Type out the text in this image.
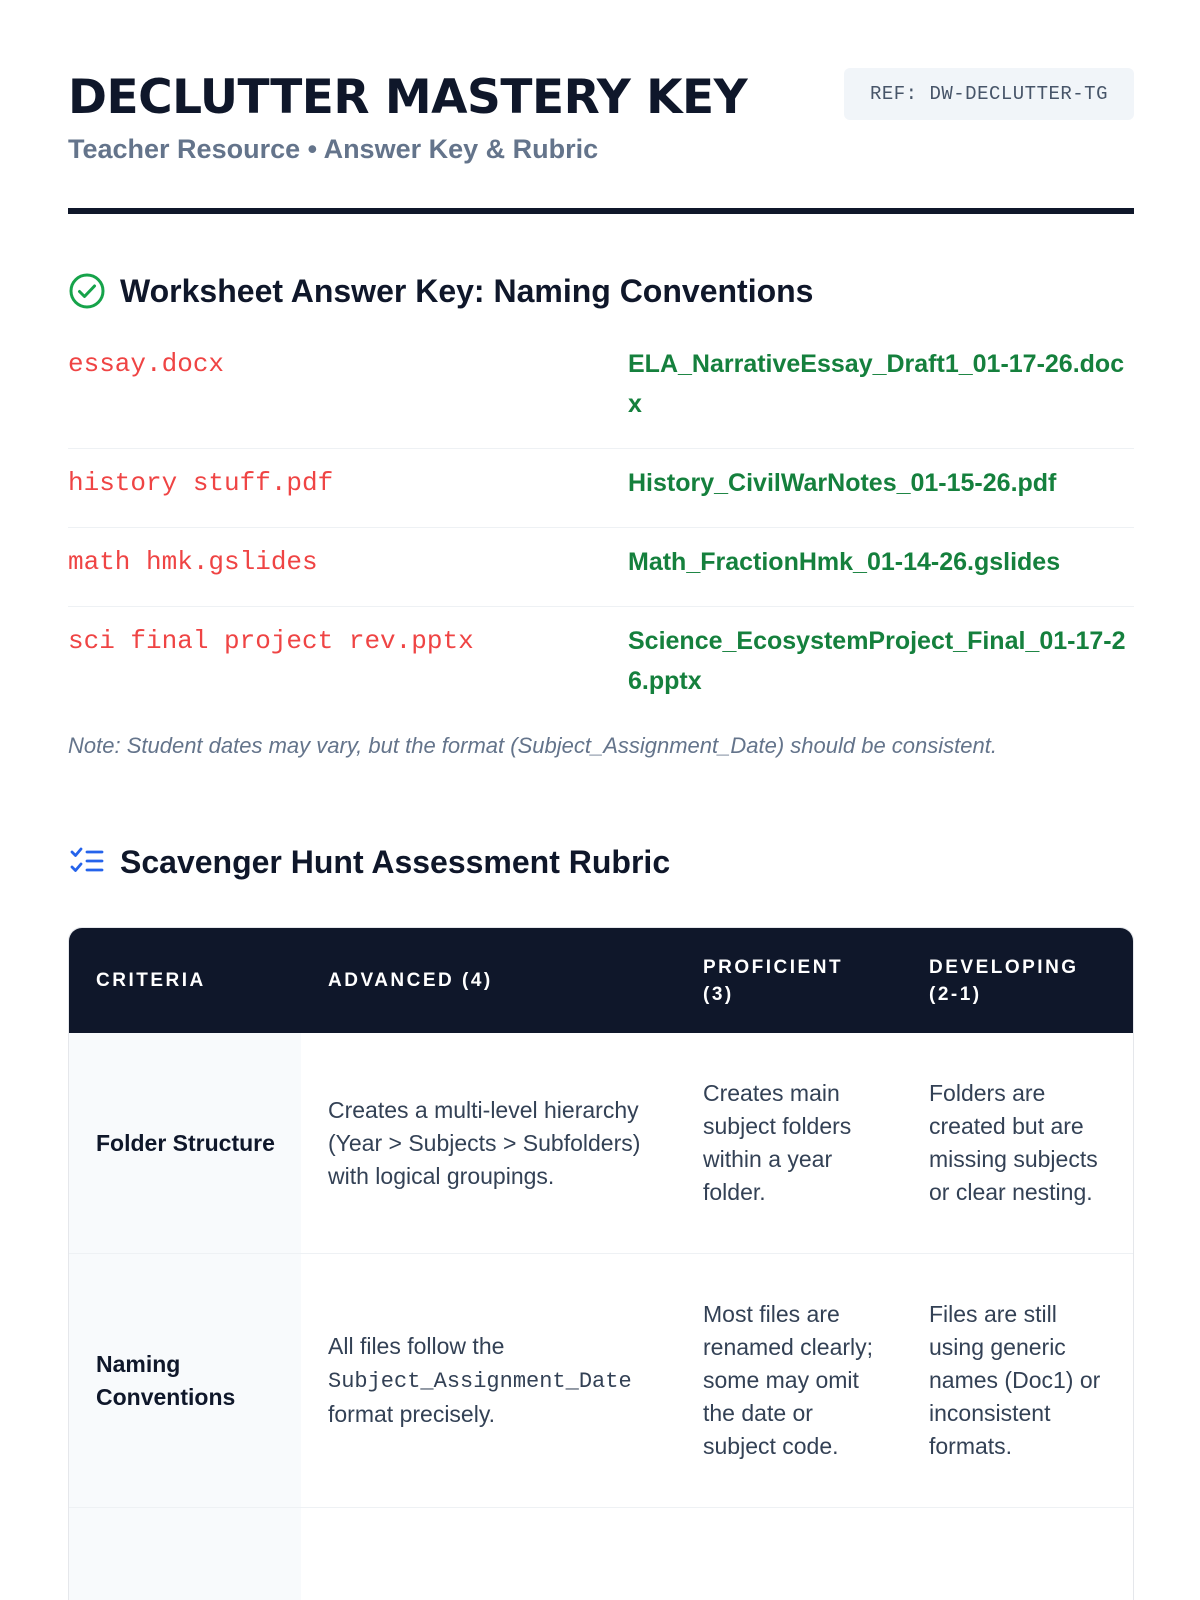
DECLUTTER MASTERY KEY
Teacher Resource • Answer Key & Rubric
REF: DW-DECLUTTER-TG
Worksheet Answer Key: Naming Conventions
essay.docx	ELA_NarrativeEssay_Draft1_01-17-26.docx
history stuff.pdf	History_CivilWarNotes_01-15-26.pdf
math hmk.gslides	Math_FractionHmk_01-14-26.gslides
sci final project rev.pptx	Science_EcosystemProject_Final_01-17-26.pptx
Note: Student dates may vary, but the format (Subject_Assignment_Date) should be consistent.
Scavenger Hunt Assessment Rubric
CRITERIA	ADVANCED (4)	PROFICIENT (3)	DEVELOPING (2-1)
Folder Structure	Creates a multi-level hierarchy (Year > Subjects > Subfolders) with logical groupings.	Creates main subject folders within a year folder.	Folders are created but are missing subjects or clear nesting.
Naming Conventions	All files follow the Subject_Assignment_Date format precisely.	Most files are renamed clearly; some may omit the date or subject code.	Files are still using generic names (Doc1) or inconsistent formats.
